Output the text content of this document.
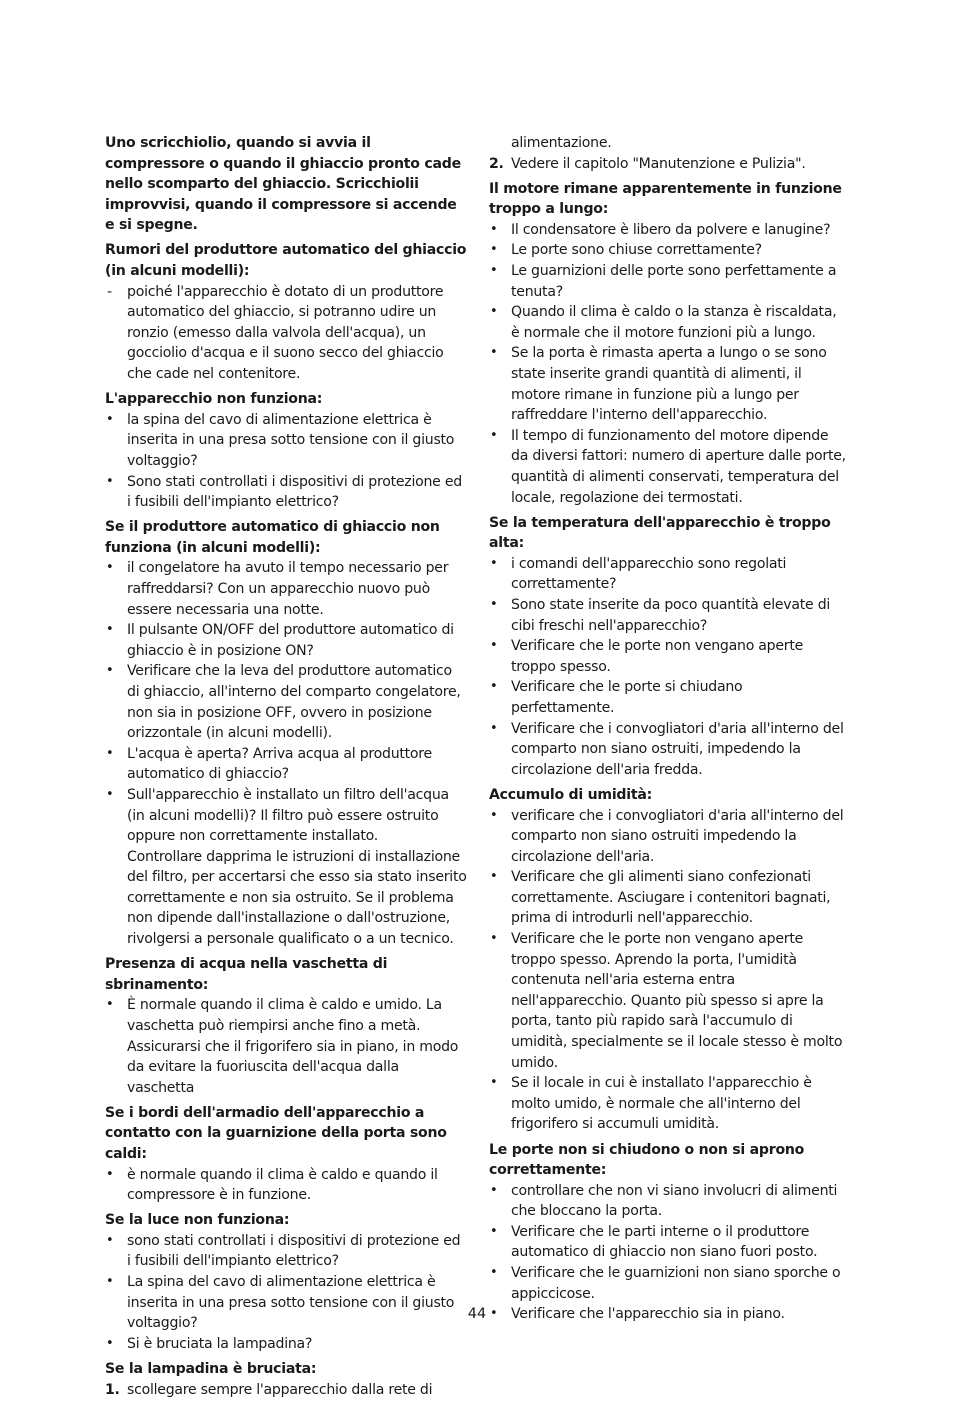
Uno scricchiolio, quando si avvia il compressore o quando il ghiaccio pronto cade nello scomparto del ghiaccio. Scricchiolii improvvisi, quando il compressore si accende e si spegne.

Rumori del produttore automatico del ghiaccio (in alcuni modelli):

-	poiché l'apparecchio è dotato di un produttore automatico del ghiaccio, si potranno udire un ronzio (emesso dalla valvola dell'acqua), un gocciolio d'acqua e il suono secco del ghiaccio che cade nel contenitore.

L'apparecchio non funziona:

• la spina del cavo di alimentazione elettrica è inserita in una presa sotto tensione con il giusto voltaggio?
• Sono stati controllati i dispositivi di protezione ed i fusibili dell'impianto elettrico?

Se il produttore automatico di ghiaccio non funziona (in alcuni modelli):

• il congelatore ha avuto il tempo necessario per raffreddarsi? Con un apparecchio nuovo può essere necessaria una notte.
• Il pulsante ON/OFF del produttore automatico di ghiaccio è in posizione ON?
• Verificare che la leva del produttore automatico di ghiaccio, all'interno del comparto congelatore, non sia in posizione OFF, ovvero in posizione orizzontale (in alcuni modelli).
• L'acqua è aperta? Arriva acqua al produttore automatico di ghiaccio?
• Sull'apparecchio è installato un filtro dell'acqua (in alcuni modelli)? Il filtro può essere ostruito oppure non correttamente installato.

Controllare dapprima le istruzioni di installazione del filtro, per accertarsi che esso sia stato inserito correttamente e non sia ostruito. Se il problema non dipende dall'installazione o dall'ostruzione, rivolgersi a personale qualificato o a un tecnico.

Presenza di acqua nella vaschetta di sbrinamento:

• È normale quando il clima è caldo e umido. La vaschetta può riempirsi anche fino a metà. Assicurarsi che il frigorifero sia in piano, in modo da evitare la fuoriuscita dell'acqua dalla vaschetta

Se i bordi dell'armadio dell'apparecchio a contatto con la guarnizione della porta sono caldi:

• è normale quando il clima è caldo e quando il compressore è in funzione.

Se la luce non funziona:

• sono stati controllati i dispositivi di protezione ed i fusibili dell'impianto elettrico?
• La spina del cavo di alimentazione elettrica è inserita in una presa sotto tensione con il giusto voltaggio?
• Si è bruciata la lampadina?

Se la lampadina è bruciata:

1. scollegare sempre l'apparecchio dalla rete di

alimentazione.

2. Vedere il capitolo "Manutenzione e Pulizia".

Il motore rimane apparentemente in funzione troppo a lungo:

• Il condensatore è libero da polvere e lanugine?
• Le porte sono chiuse correttamente?
• Le guarnizioni delle porte sono perfettamente a tenuta?
• Quando il clima è caldo o la stanza è riscaldata, è normale che il motore funzioni più a lungo.
• Se la porta è rimasta aperta a lungo o se sono state inserite grandi quantità di alimenti, il motore rimane in funzione più a lungo per raffreddare l'interno dell'apparecchio.
• Il tempo di funzionamento del motore dipende da diversi fattori: numero di aperture dalle porte, quantità di alimenti conservati, temperatura del locale, regolazione dei termostati.

Se la temperatura dell'apparecchio è troppo alta:

• i comandi dell'apparecchio sono regolati correttamente?
• Sono state inserite da poco quantità elevate di cibi freschi nell'apparecchio?
• Verificare che le porte non vengano aperte troppo spesso.
• Verificare che le porte si chiudano perfettamente.
• Verificare che i convogliatori d'aria all'interno del comparto non siano ostruiti, impedendo la circolazione dell'aria fredda.

Accumulo di umidità:

• verificare che i convogliatori d'aria all'interno del comparto non siano ostruiti impedendo la circolazione dell'aria.
• Verificare che gli alimenti siano confezionati correttamente. Asciugare i contenitori bagnati, prima di introdurli nell'apparecchio.
• Verificare che le porte non vengano aperte troppo spesso. Aprendo la porta, l'umidità contenuta nell'aria esterna entra nell'apparecchio. Quanto più spesso si apre la porta, tanto più rapido sarà l'accumulo di umidità, specialmente se il locale stesso è molto umido.
• Se il locale in cui è installato l'apparecchio è molto umido, è normale che all'interno del frigorifero si accumuli umidità.

Le porte non si chiudono o non si aprono correttamente:

• controllare che non vi siano involucri di alimenti che bloccano la porta.
• Verificare che le parti interne o il produttore automatico di ghiaccio non siano fuori posto.
• Verificare che le guarnizioni non siano sporche o appiccicose.
• Verificare che l'apparecchio sia in piano.
44
